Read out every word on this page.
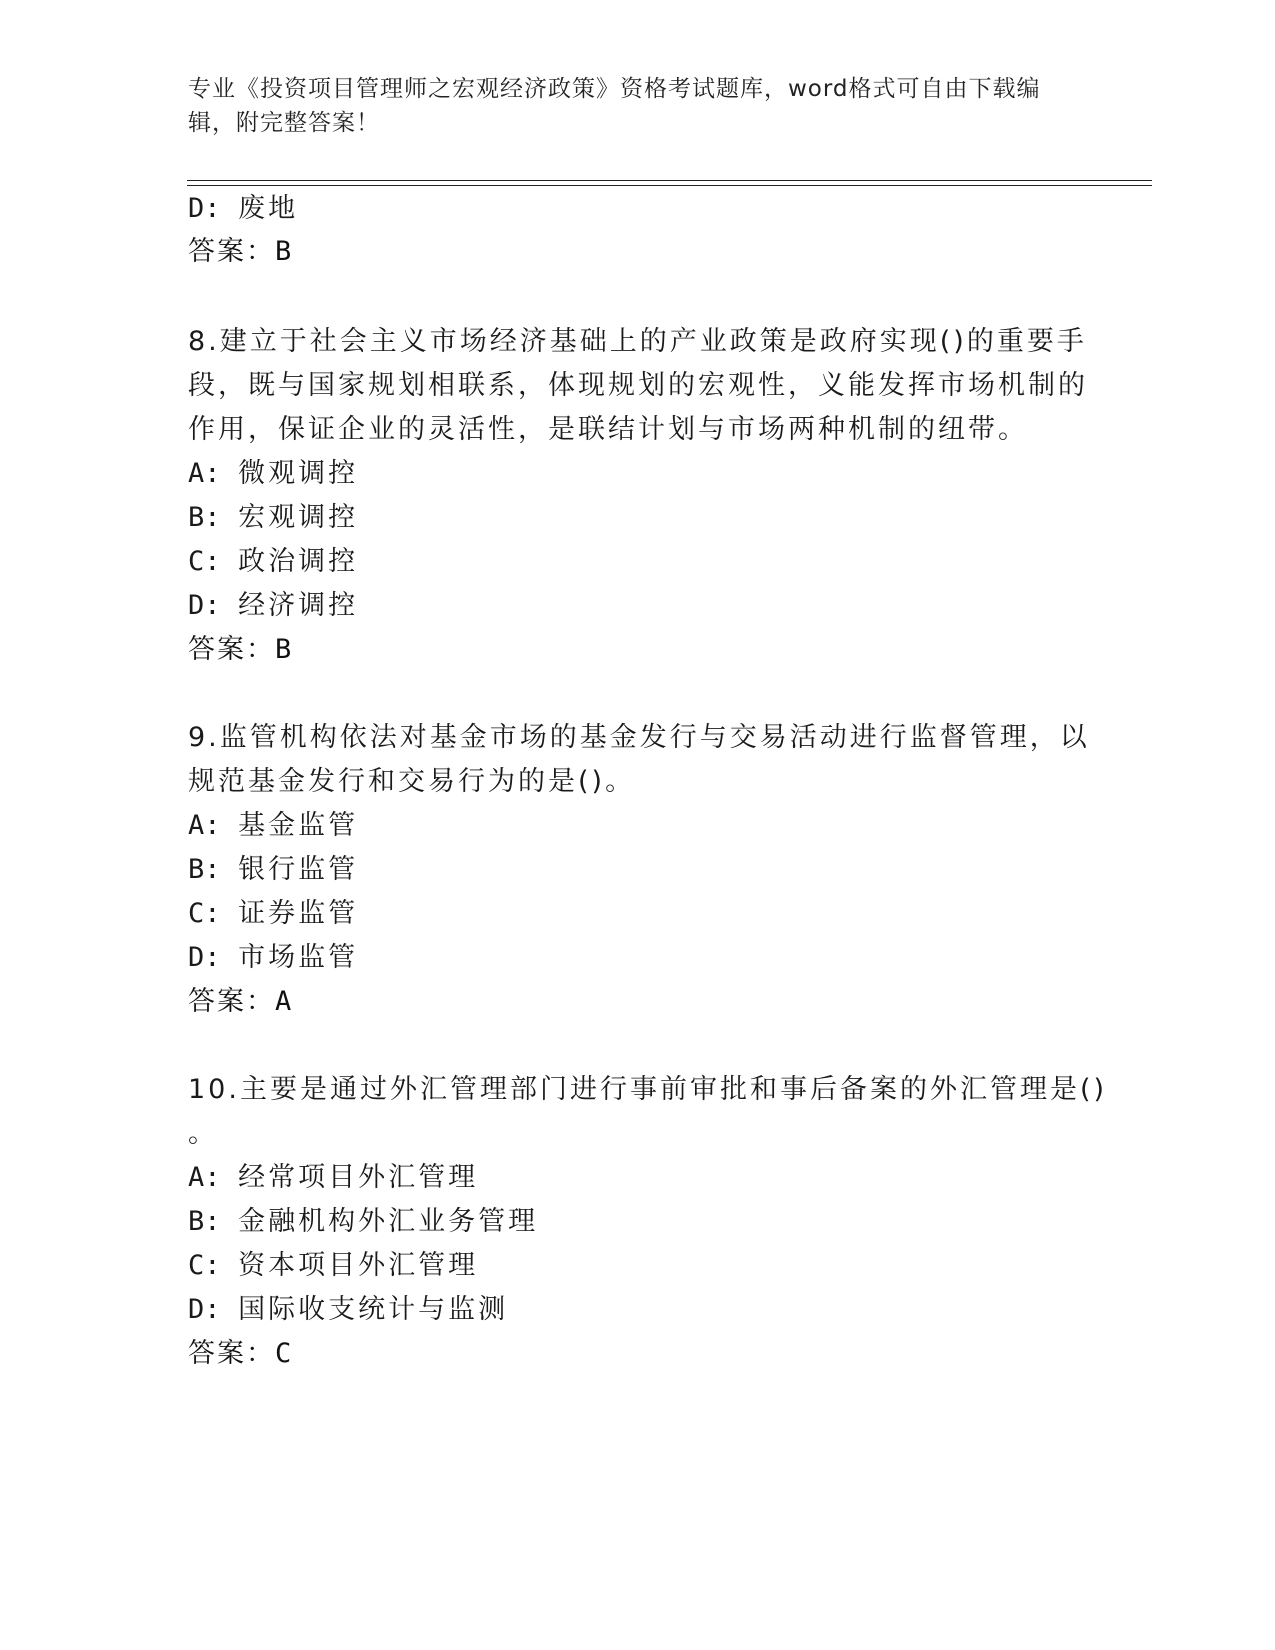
专业《投资项目管理师之宏观经济政策》资格考试题库，word格式可自由下载编
辑，附完整答案！
D: 废地
答案：B
8.建立于社会主义市场经济基础上的产业政策是政府实现()的重要手
段，既与国家规划相联系，体现规划的宏观性，义能发挥市场机制的
作用，保证企业的灵活性，是联结计划与市场两种机制的纽带。
A: 微观调控
B: 宏观调控
C: 政治调控
D: 经济调控
答案：B
9.监管机构依法对基金市场的基金发行与交易活动进行监督管理，以
规范基金发行和交易行为的是()。
A: 基金监管
B: 银行监管
C: 证券监管
D: 市场监管
答案：A
10.主要是通过外汇管理部门进行事前审批和事后备案的外汇管理是()
。
A: 经常项目外汇管理
B: 金融机构外汇业务管理
C: 资本项目外汇管理
D: 国际收支统计与监测
答案：C
